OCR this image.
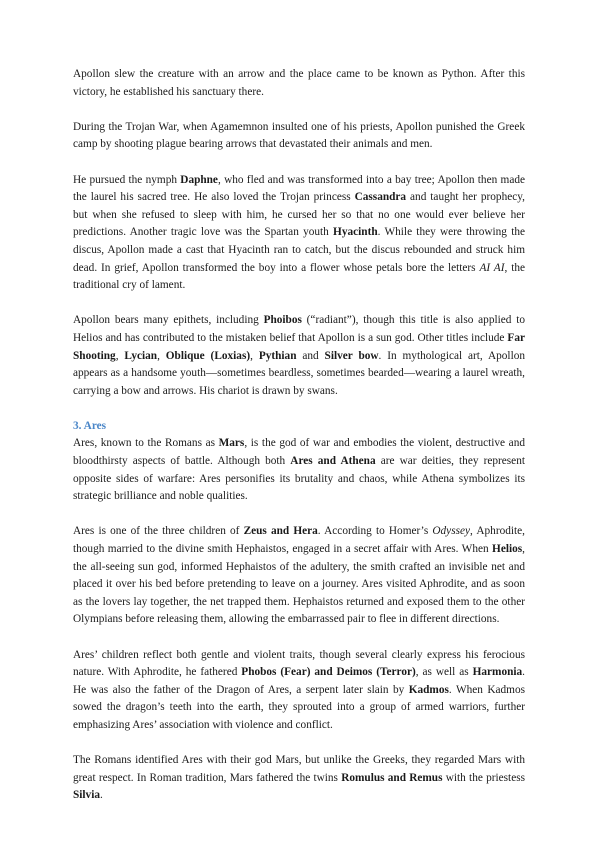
Apollon slew the creature with an arrow and the place came to be known as Python. After this victory, he established his sanctuary there.

During the Trojan War, when Agamemnon insulted one of his priests, Apollon punished the Greek camp by shooting plague bearing arrows that devastated their animals and men.

He pursued the nymph Daphne, who fled and was transformed into a bay tree; Apollon then made the laurel his sacred tree. He also loved the Trojan princess Cassandra and taught her prophecy, but when she refused to sleep with him, he cursed her so that no one would ever believe her predictions. Another tragic love was the Spartan youth Hyacinth. While they were throwing the discus, Apollon made a cast that Hyacinth ran to catch, but the discus rebounded and struck him dead. In grief, Apollon transformed the boy into a flower whose petals bore the letters AI AI, the traditional cry of lament.

Apollon bears many epithets, including Phoibos (“radiant”), though this title is also applied to Helios and has contributed to the mistaken belief that Apollon is a sun god. Other titles include Far Shooting, Lycian, Oblique (Loxias), Pythian and Silver bow. In mythological art, Apollon appears as a handsome youth—sometimes beardless, sometimes bearded—wearing a laurel wreath, carrying a bow and arrows. His chariot is drawn by swans.

3. Ares

Ares, known to the Romans as Mars, is the god of war and embodies the violent, destructive and bloodthirsty aspects of battle. Although both Ares and Athena are war deities, they represent opposite sides of warfare: Ares personifies its brutality and chaos, while Athena symbolizes its strategic brilliance and noble qualities.

Ares is one of the three children of Zeus and Hera. According to Homer’s Odyssey, Aphrodite, though married to the divine smith Hephaistos, engaged in a secret affair with Ares. When Helios, the all-seeing sun god, informed Hephaistos of the adultery, the smith crafted an invisible net and placed it over his bed before pretending to leave on a journey. Ares visited Aphrodite, and as soon as the lovers lay together, the net trapped them. Hephaistos returned and exposed them to the other Olympians before releasing them, allowing the embarrassed pair to flee in different directions.

Ares’ children reflect both gentle and violent traits, though several clearly express his ferocious nature. With Aphrodite, he fathered Phobos (Fear) and Deimos (Terror), as well as Harmonia. He was also the father of the Dragon of Ares, a serpent later slain by Kadmos. When Kadmos sowed the dragon’s teeth into the earth, they sprouted into a group of armed warriors, further emphasizing Ares’ association with violence and conflict.

The Romans identified Ares with their god Mars, but unlike the Greeks, they regarded Mars with great respect. In Roman tradition, Mars fathered the twins Romulus and Remus with the priestess Silvia.
